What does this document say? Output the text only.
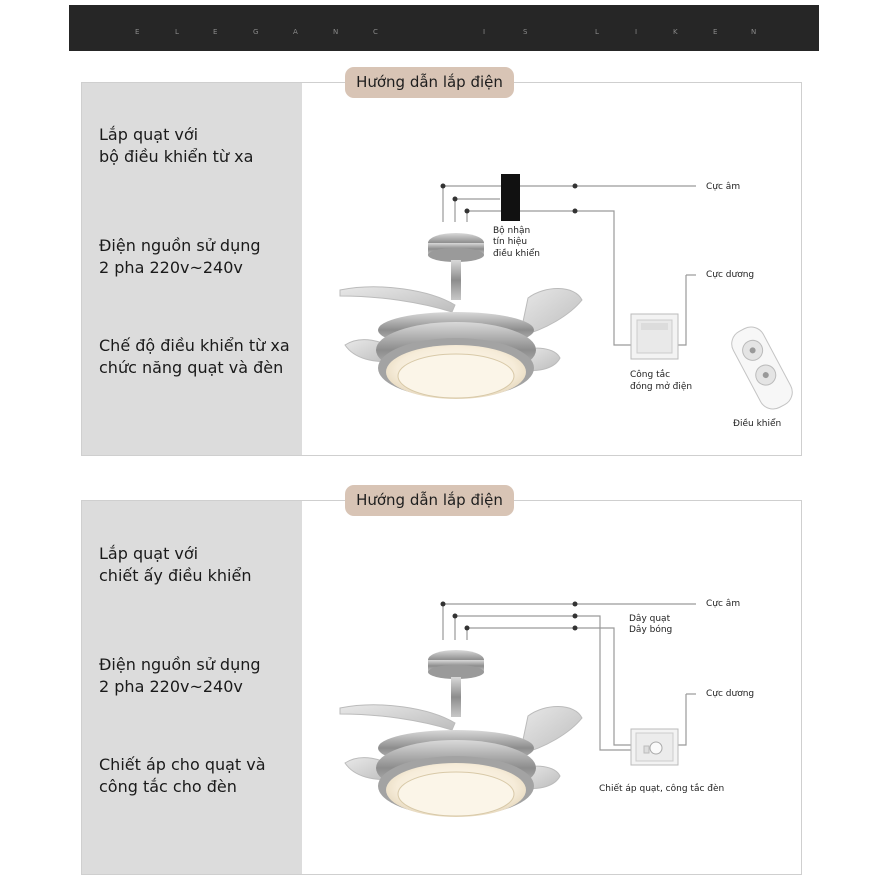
E	L	E	G	A	N	C	I	S	L	I	K	E	N
Lắp quạt với
bộ điều khiển từ xa
Điện nguồn sử dụng
2 pha 220v~240v
Chế độ điều khiển từ xa
chức năng quạt và đèn
Lắp quạt với
chiết ấy điều khiển
Điện nguồn sử dụng
2 pha 220v~240v
Chiết áp cho quạt và
công tắc cho đèn
Hướng dẫn lắp điện
Hướng dẫn lắp điện
Cực âm
Bộ nhận
tín hiệu
điều khiển
Cực dương
Công tắc
đóng mở điện
Điều khiển
Cực âm
Dây quạt
Dây bóng
Cực dương
Chiết áp quạt, công tắc đèn
